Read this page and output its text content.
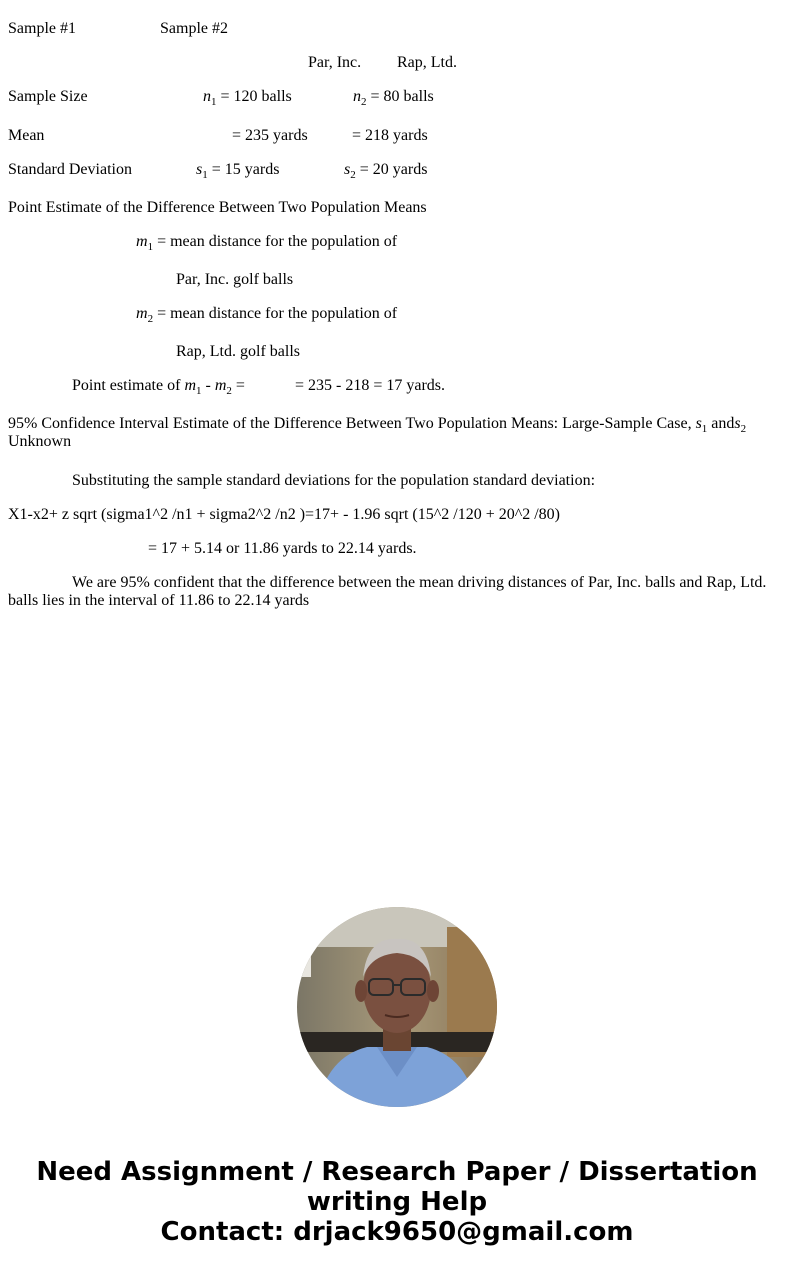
Sample #1	Sample #2
Par, Inc. Rap, Ltd.
Sample Size	$n_1 = 120$ balls	$n_2 = 80$ balls
Mean	= 235 yards	= 218 yards
Standard Deviation	$s_1 = 15$ yards	$s_2 = 20$ yards
Point Estimate of the Difference Between Two Population Means
$m_1$ = mean distance for the population of
Par, Inc. golf balls
$m_2$ = mean distance for the population of
Rap, Ltd. golf balls
Point estimate of $m_1 - m_2$ =	= 235 - 218 = 17 yards.
95% Confidence Interval Estimate of the Difference Between Two Population Means: Large-Sample Case, $s_1$ ands$_2$ Unknown
Substituting the sample standard deviations for the population standard deviation:
X1-x2+ z sqrt (sigma1^2 /n1 + sigma2^2 /n2 )=17+ - 1.96 sqrt (15^2 /120 + 20^2 /80)
= 17 + 5.14 or 11.86 yards to 22.14 yards.
We are 95% confident that the difference between the mean driving distances of Par, Inc. balls and Rap, Ltd. balls lies in the interval of 11.86 to 22.14 yards
Need Assignment / Research Paper / Dissertation
writing Help
Contact: drjack9650@gmail.com
